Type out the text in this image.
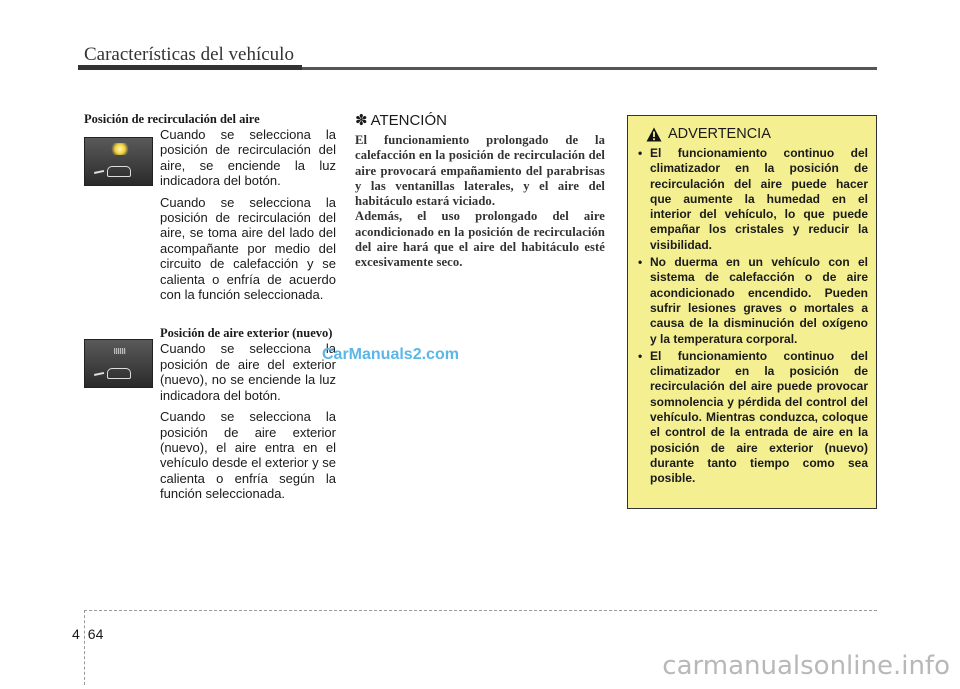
Características del vehículo
Posición de recirculación del aire

Cuando se selecciona la posición de recirculación del aire, se enciende la luz indicadora del botón.

Cuando se selecciona la posición de recirculación del aire, se toma aire del lado del acompañante por medio del circuito de calefacción y se calienta o enfría de acuerdo con la función seleccionada.

Posición de aire exterior (nuevo)

Cuando se selecciona la posición de aire del exterior (nuevo), no se enciende la luz indicadora del botón.

Cuando se selecciona la posición de aire exterior (nuevo), el aire entra en el vehículo desde el exterior y se calienta o enfría según la función seleccionada.

✽ ATENCIÓN

El funcionamiento prolongado de la calefacción en la posición de recirculación del aire provocará empañamiento del parabrisas y las ventanillas laterales, y el aire del habitáculo estará viciado.

Además, el uso prolongado del aire acondicionado en la posición de recirculación del aire hará que el aire del habitáculo esté excesivamente seco.

ADVERTENCIA
• El funcionamiento continuo del climatizador en la posición de recirculación del aire puede hacer que aumente la humedad en el interior del vehículo, lo que puede empañar los cristales y reducir la visibilidad.
• No duerma en un vehículo con el sistema de calefacción o de aire acondicionado encendido. Pueden sufrir lesiones graves o mortales a causa de la disminución del oxígeno y la temperatura corporal.
• El funcionamiento continuo del climatizador en la posición de recirculación del aire puede provocar somnolencia y pérdida del control del vehículo. Mientras conduzca, coloque el control de la entrada de aire en la posición de aire exterior (nuevo) durante tanto tiempo como sea posible.
CarManuals2.com
4 64
carmanualsonline.info
